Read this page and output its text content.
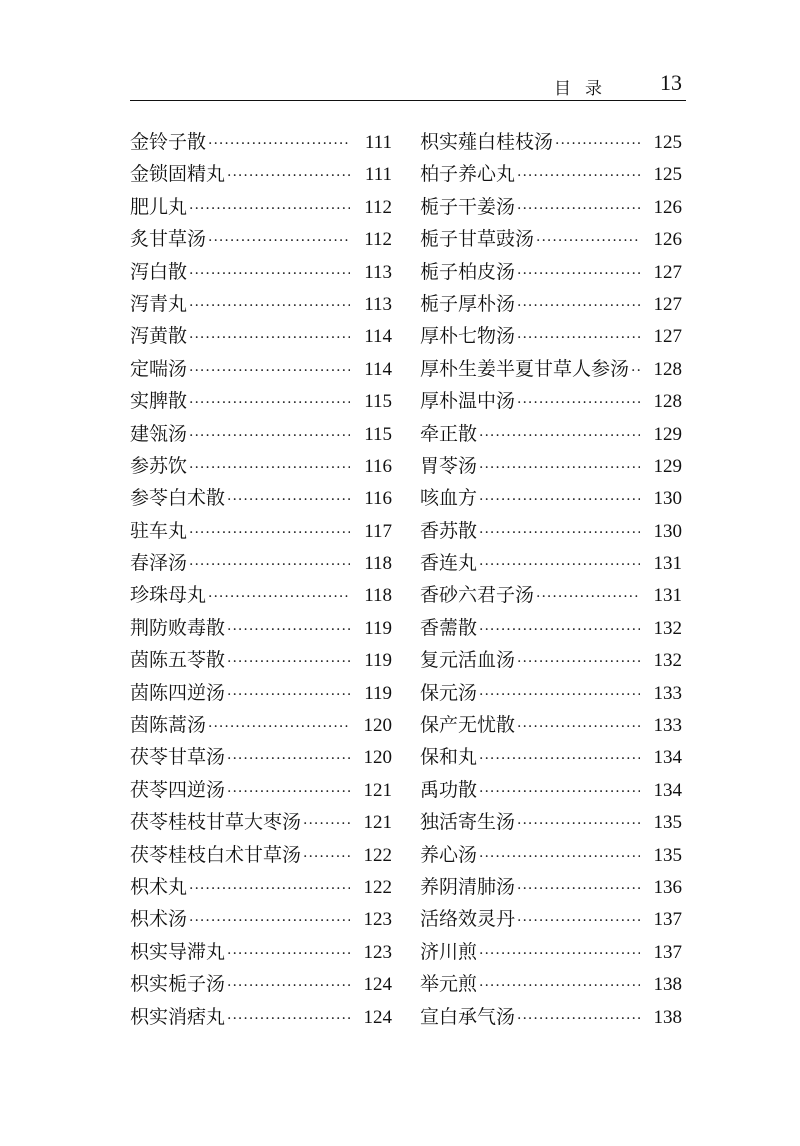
目录 13
金铃子散 ·····	111
金锁固精丸 ·····	111
肥儿丸 ·····	112
炙甘草汤 ·····	112
泻白散 ·····	113
泻青丸 ·····	113
泻黄散 ·····	114
定喘汤 ·····	114
实脾散 ·····	115
建瓴汤 ·····	115
参苏饮 ·····	116
参苓白术散 ·····	116
驻车丸 ·····	117
春泽汤 ·····	118
珍珠母丸 ·····	118
荆防败毒散 ·····	119
茵陈五苓散 ·····	119
茵陈四逆汤 ·····	119
茵陈蒿汤 ·····	120
茯苓甘草汤 ·····	120
茯苓四逆汤 ·····	121
茯苓桂枝甘草大枣汤 ·····	121
茯苓桂枝白术甘草汤 ·····	122
枳术丸 ·····	122
枳术汤 ·····	123
枳实导滞丸 ·····	123
枳实栀子汤 ·····	124
枳实消痞丸 ·····	124
枳实薤白桂枝汤 ·····	125
柏子养心丸 ·····	125
栀子干姜汤 ·····	126
栀子甘草豉汤 ·····	126
栀子柏皮汤 ·····	127
栀子厚朴汤 ·····	127
厚朴七物汤 ·····	127
厚朴生姜半夏甘草人参汤 ····· 128
厚朴温中汤 ·····	128
牵正散 ·····	129
胃苓汤 ·····	129
咳血方 ·····	130
香苏散 ·····	130
香连丸 ·····	131
香砂六君子汤 ·····	131
香薷散 ·····	132
复元活血汤 ·····	132
保元汤 ·····	133
保产无忧散 ·····	133
保和丸 ·····	134
禹功散 ·····	134
独活寄生汤 ·····	135
养心汤 ·····	135
养阴清肺汤 ·····	136
活络效灵丹 ·····	137
济川煎 ·····	137
举元煎 ·····	138
宣白承气汤 ·····	138
